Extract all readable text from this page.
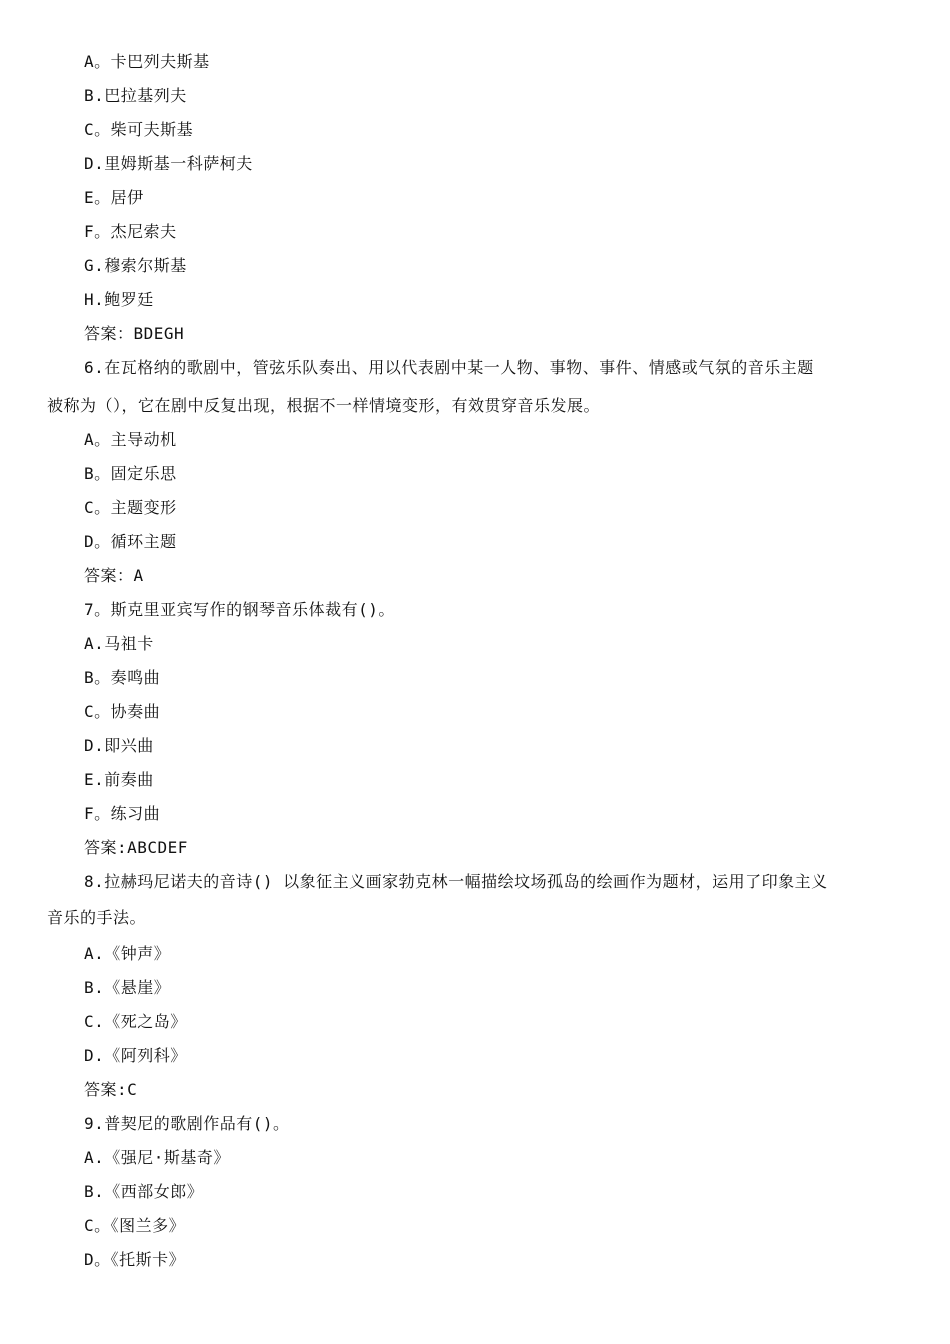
A。卡巴列夫斯基
B.巴拉基列夫
C。柴可夫斯基
D.里姆斯基一科萨柯夫
E。居伊
F。杰尼索夫
G.穆索尔斯基
H.鲍罗廷
答案：BDEGH
6.在瓦格纳的歌剧中，管弦乐队奏出、用以代表剧中某一人物、事物、事件、情感或气氛的音乐主题
被称为（），它在剧中反复出现，根据不一样情境变形，有效贯穿音乐发展。
A。主导动机
B。固定乐思
C。主题变形
D。循环主题
答案：A
7。斯克里亚宾写作的钢琴音乐体裁有()。
A.马祖卡
B。奏鸣曲
C。协奏曲
D.即兴曲
E.前奏曲
F。练习曲
答案:ABCDEF
8.拉赫玛尼诺夫的音诗() 以象征主义画家勃克林一幅描绘坟场孤岛的绘画作为题材，运用了印象主义
音乐的手法。
A.《钟声》
B.《悬崖》
C.《死之岛》
D.《阿列科》
答案:C
9.普契尼的歌剧作品有()。
A.《强尼·斯基奇》
B.《西部女郎》
C。《图兰多》
D。《托斯卡》
